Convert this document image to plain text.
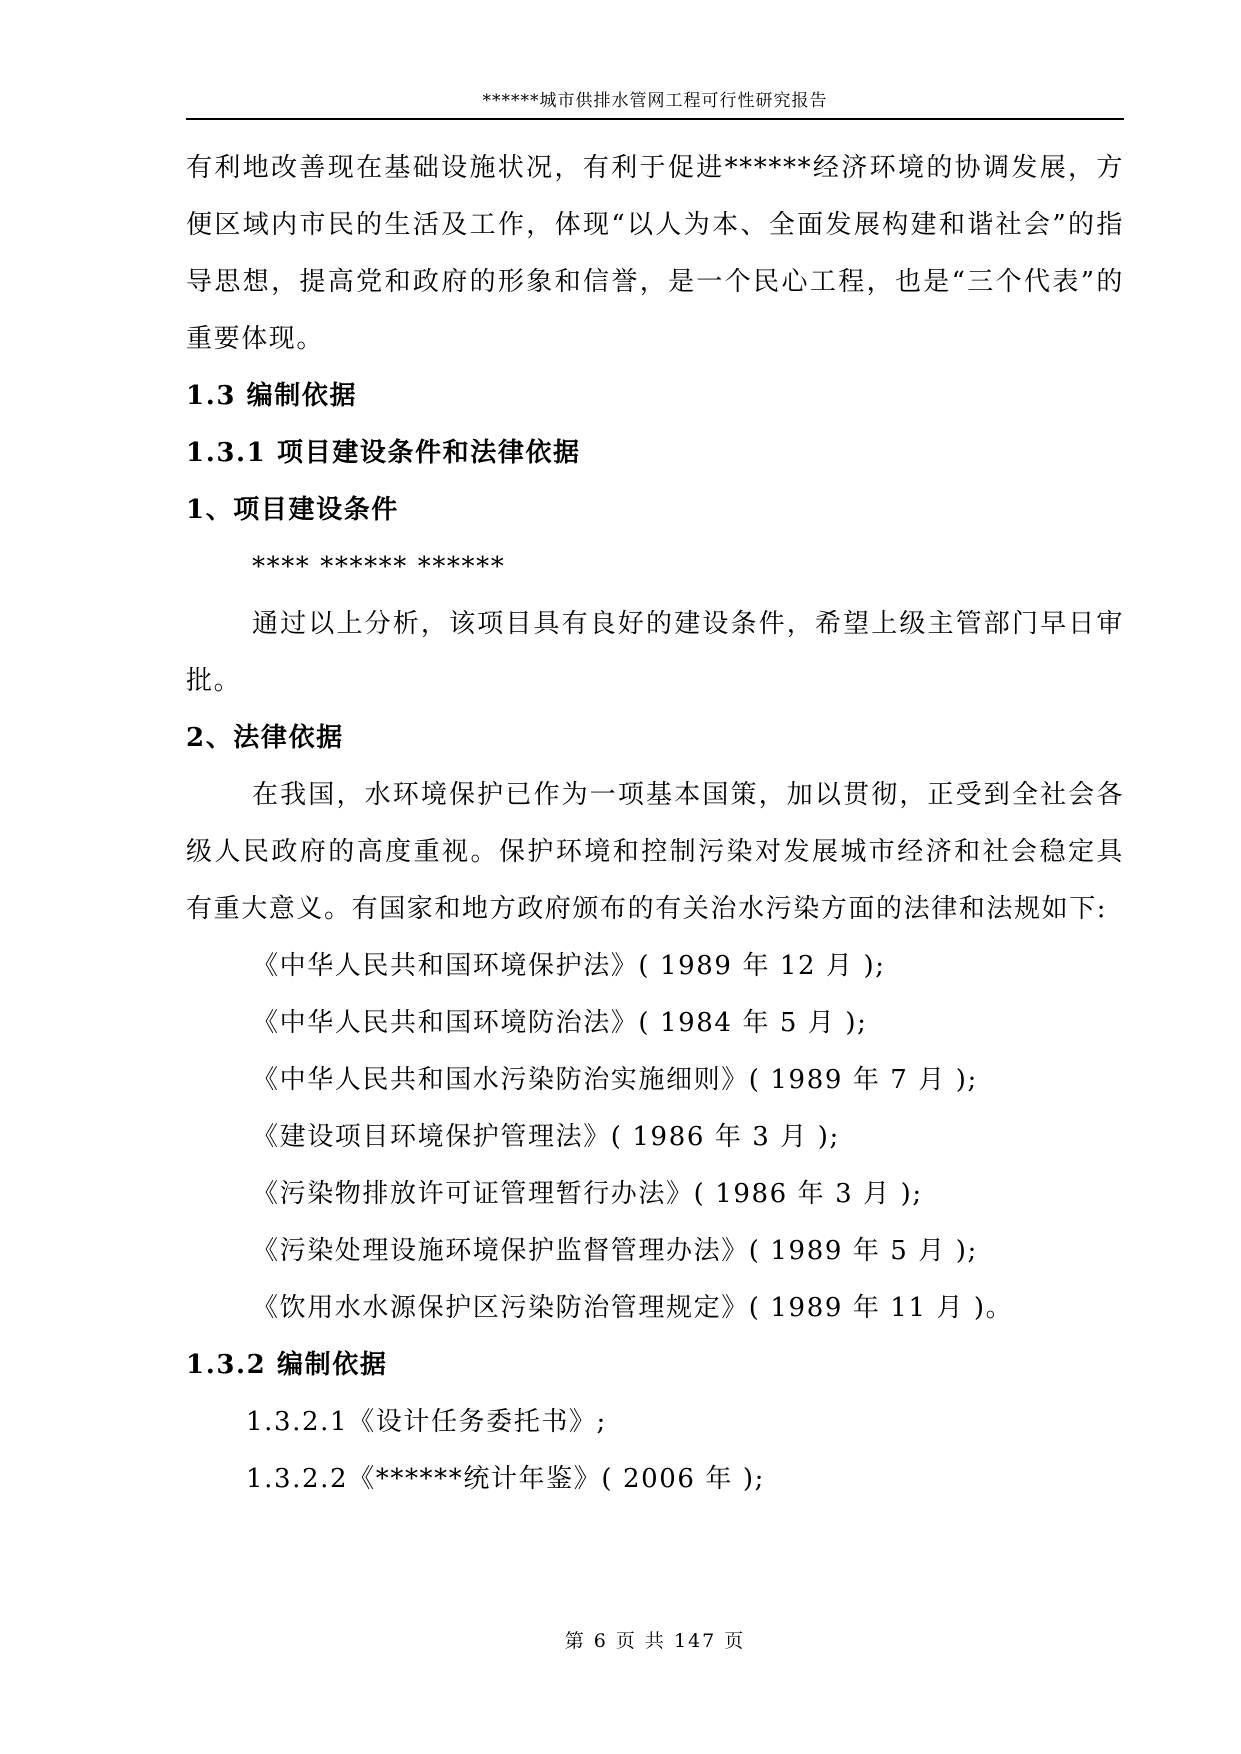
******城市供排水管网工程可行性研究报告

有利地改善现在基础设施状况，有利于促进******经济环境的协调发展，方便区域内市民的生活及工作，体现“以人为本、全面发展构建和谐社会”的指导思想，提高党和政府的形象和信誉，是一个民心工程，也是“三个代表”的重要体现。

1.3 编制依据

1.3.1 项目建设条件和法律依据

1、项目建设条件

**** ****** ******

通过以上分析，该项目具有良好的建设条件，希望上级主管部门早日审批。

2、法律依据

在我国，水环境保护已作为一项基本国策，加以贯彻，正受到全社会各级人民政府的高度重视。保护环境和控制污染对发展城市经济和社会稳定具有重大意义。有国家和地方政府颁布的有关治水污染方面的法律和法规如下:

《中华人民共和国环境保护法》( 1989 年 12 月 );

《中华人民共和国环境防治法》( 1984 年 5 月 );

《中华人民共和国水污染防治实施细则》( 1989 年 7 月 );

《建设项目环境保护管理法》( 1986 年 3 月 );

《污染物排放许可证管理暂行办法》( 1986 年 3 月 );

《污染处理设施环境保护监督管理办法》( 1989 年 5 月 );

《饮用水水源保护区污染防治管理规定》( 1989 年 11 月 )。

1.3.2 编制依据

1.3.2.1《设计任务委托书》;

1.3.2.2《******统计年鉴》( 2006 年 );

第 6 页 共 147 页
